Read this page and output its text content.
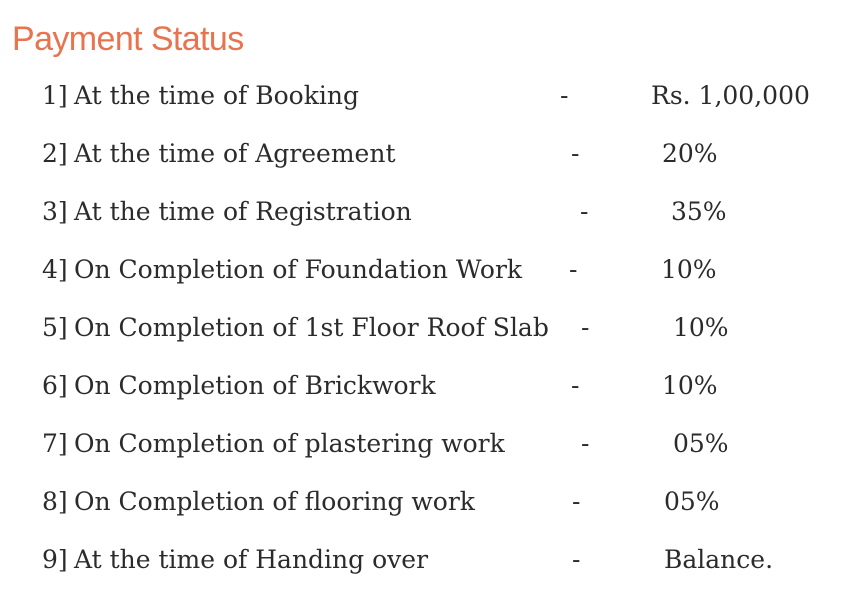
Payment Status
1] At the time of Booking	-	Rs. 1,00,000
2] At the time of Agreement	-	20%
3] At the time of Registration	-	35%
4] On Completion of Foundation Work -	10%
5] On Completion of 1st Floor Roof Slab -	10%
6] On Completion of Brickwork	-	10%
7] On Completion of plastering work	-	05%
8] On Completion of flooring work	-	05%
9] At the time of Handing over	-	Balance.
